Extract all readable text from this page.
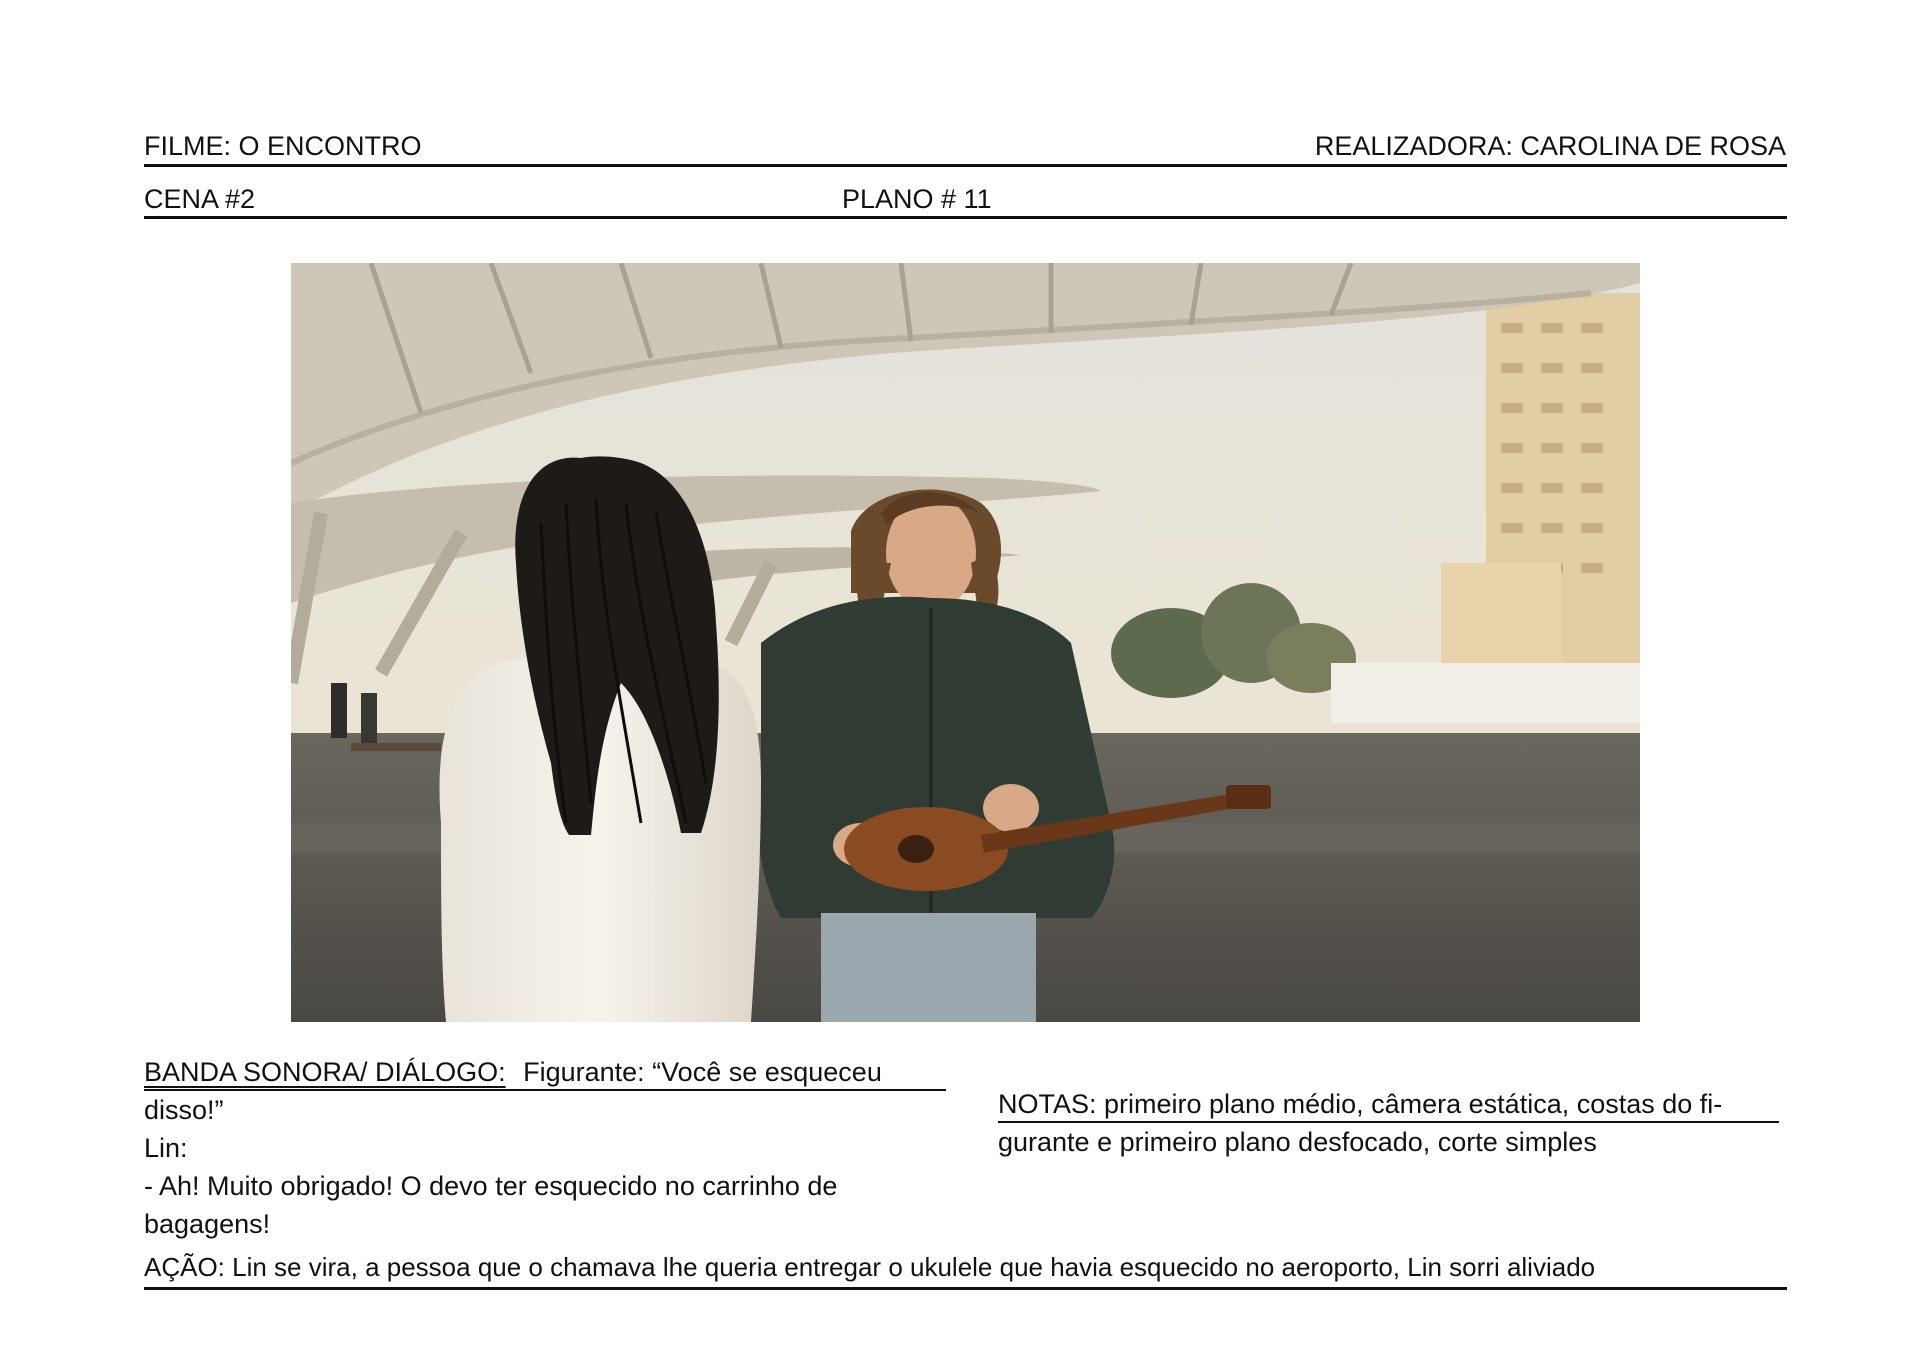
FILME: O ENCONTRO	REALIZADORA: CAROLINA DE ROSA
CENA #2	PLANO # 11
BANDA SONORA/ DIÁLOGO: Figurante: “Você se esqueceu
disso!”
Lin:
- Ah! Muito obrigado! O devo ter esquecido no carrinho de
bagagens!
NOTAS: primeiro plano médio, câmera estática, costas do fi-
gurante e primeiro plano desfocado, corte simples
AÇÃO: Lin se vira, a pessoa que o chamava lhe queria entregar o ukulele que havia esquecido no aeroporto, Lin sorri aliviado
